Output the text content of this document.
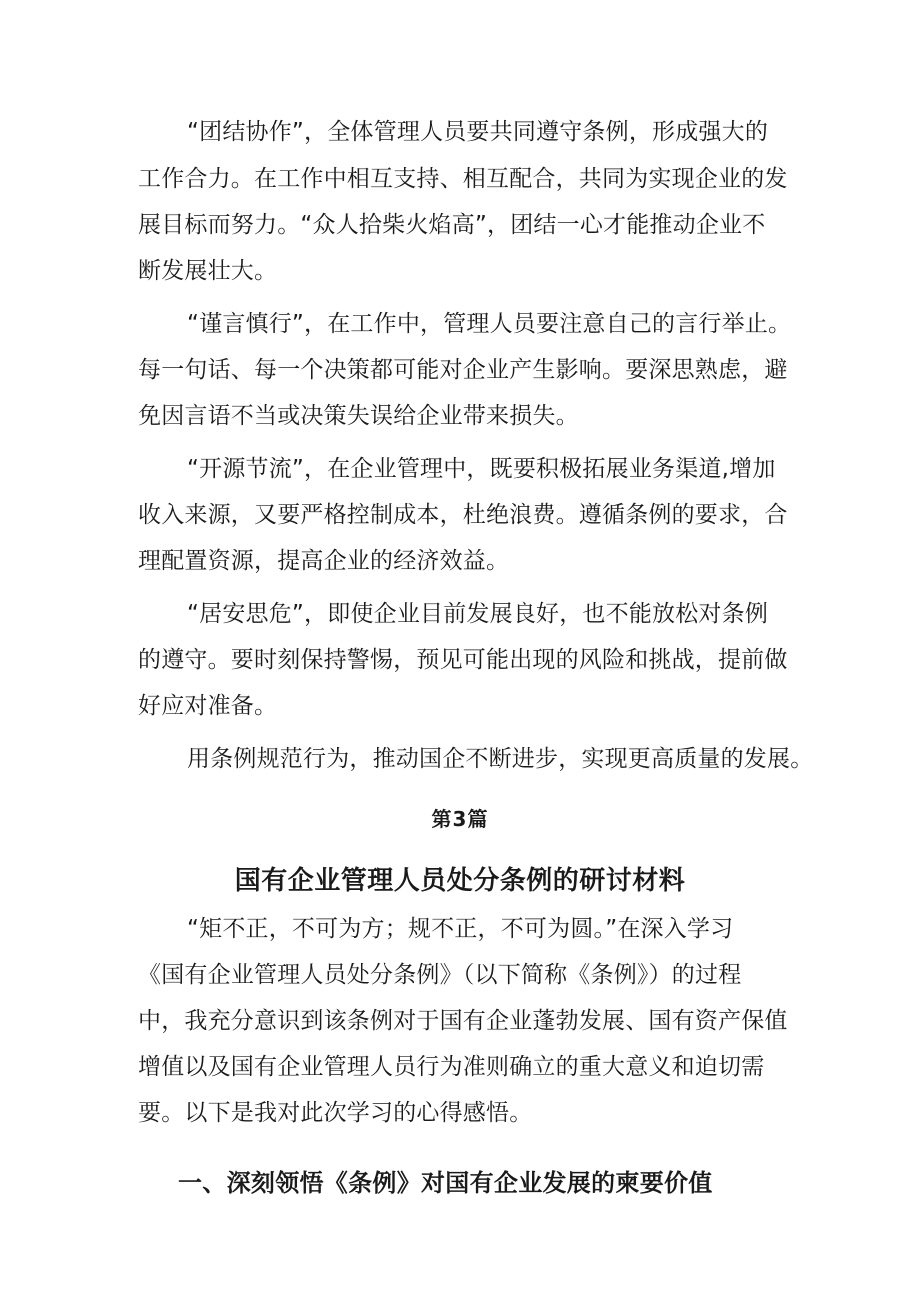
“团结协作”，全体管理人员要共同遵守条例，形成强大的
工作合力。在工作中相互支持、相互配合，共同为实现企业的发
展目标而努力。“众人拾柴火焰高”，团结一心才能推动企业不
断发展壮大。
“谨言慎行”，在工作中，管理人员要注意自己的言行举止。
每一句话、每一个决策都可能对企业产生影响。要深思熟虑，避
免因言语不当或决策失误给企业带来损失。
“开源节流”，在企业管理中，既要积极拓展业务渠道,增加
收入来源，又要严格控制成本，杜绝浪费。遵循条例的要求，合
理配置资源，提高企业的经济效益。
“居安思危”，即使企业目前发展良好，也不能放松对条例
的遵守。要时刻保持警惕，预见可能出现的风险和挑战，提前做
好应对准备。
用条例规范行为，推动国企不断进步，实现更高质量的发展。
第3篇
国有企业管理人员处分条例的研讨材料
“矩不正，不可为方；规不正，不可为圆。”在深入学习
《国有企业管理人员处分条例》（以下简称《条例》）的过程
中，我充分意识到该条例对于国有企业蓬勃发展、国有资产保值
增值以及国有企业管理人员行为准则确立的重大意义和迫切需
要。以下是我对此次学习的心得感悟。
一、深刻领悟《条例》对国有企业发展的柬要价值
